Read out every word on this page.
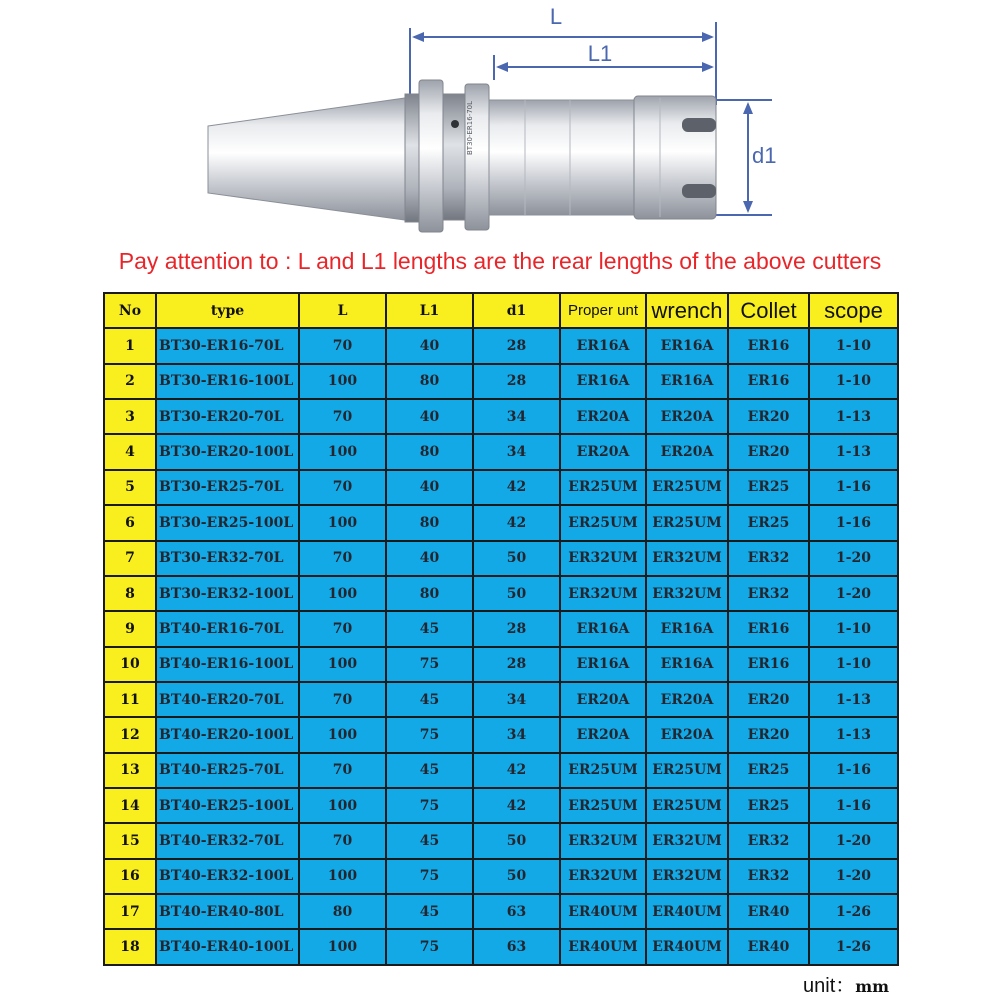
L
L1
d1
BT30-ER16-70L
Pay attention to : L and L1 lengths are the rear lengths of the above cutters
No	type	L	L1	d1	Proper unt	wrench	Collet	scope
1	BT30-ER16-70L	70	40	28	ER16A	ER16A	ER16	1-10
2	BT30-ER16-100L	100	80	28	ER16A	ER16A	ER16	1-10
3	BT30-ER20-70L	70	40	34	ER20A	ER20A	ER20	1-13
4	BT30-ER20-100L	100	80	34	ER20A	ER20A	ER20	1-13
5	BT30-ER25-70L	70	40	42	ER25UM	ER25UM	ER25	1-16
6	BT30-ER25-100L	100	80	42	ER25UM	ER25UM	ER25	1-16
7	BT30-ER32-70L	70	40	50	ER32UM	ER32UM	ER32	1-20
8	BT30-ER32-100L	100	80	50	ER32UM	ER32UM	ER32	1-20
9	BT40-ER16-70L	70	45	28	ER16A	ER16A	ER16	1-10
10	BT40-ER16-100L	100	75	28	ER16A	ER16A	ER16	1-10
11	BT40-ER20-70L	70	45	34	ER20A	ER20A	ER20	1-13
12	BT40-ER20-100L	100	75	34	ER20A	ER20A	ER20	1-13
13	BT40-ER25-70L	70	45	42	ER25UM	ER25UM	ER25	1-16
14	BT40-ER25-100L	100	75	42	ER25UM	ER25UM	ER25	1-16
15	BT40-ER32-70L	70	45	50	ER32UM	ER32UM	ER32	1-20
16	BT40-ER32-100L	100	75	50	ER32UM	ER32UM	ER32	1-20
17	BT40-ER40-80L	80	45	63	ER40UM	ER40UM	ER40	1-26
18	BT40-ER40-100L	100	75	63	ER40UM	ER40UM	ER40	1-26
unit：mm
